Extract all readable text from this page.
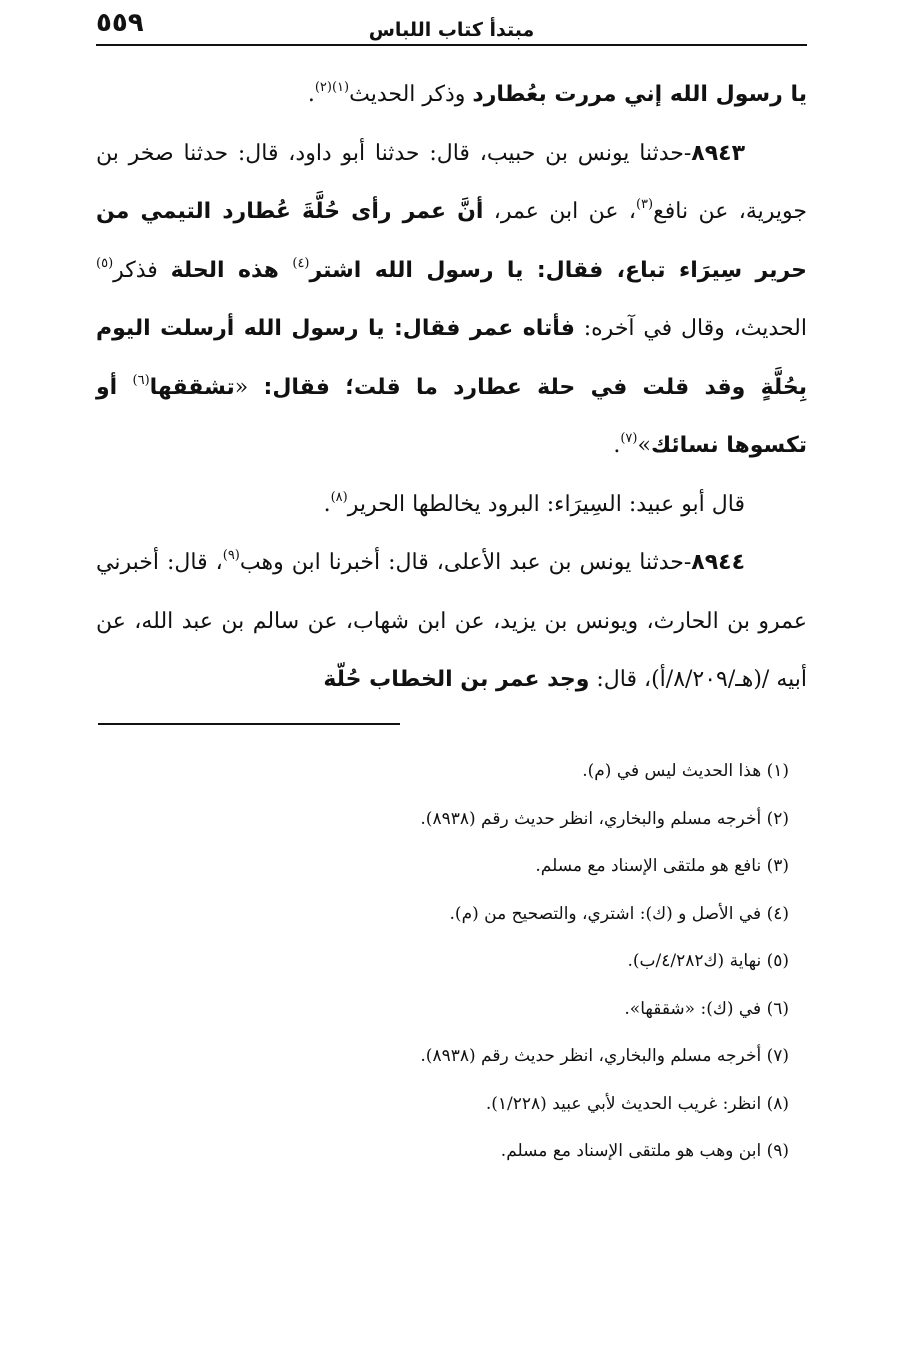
٥٥٩	مبتدأ كتاب اللباس

يا رسول الله إني مررت بعُطارد وذكر الحديث$^{(١)(٢)}$.

٨٩٤٣-حدثنا يونس بن حبيب، قال: حدثنا أبو داود، قال: حدثنا صخر بن جويرية، عن نافع$^{(٣)}$، عن ابن عمر، أنَّ عمر رأى حُلَّةَ عُطارد التيمي من حرير سِيرَاء تباع، فقال: يا رسول الله اشتر$^{(٤)}$ هذه الحلة فذكر$^{(٥)}$ الحديث، وقال في آخره: فأتاه عمر فقال: يا رسول الله أرسلت اليوم بِحُلَّةٍ وقد قلت في حلة عطارد ما قلت؛ فقال: «تشققها$^{(٦)}$ أو تكسوها نسائك»$^{(٧)}$.

قال أبو عبيد: السِيرَاء: البرود يخالطها الحرير$^{(٨)}$.

٨٩٤٤-حدثنا يونس بن عبد الأعلى، قال: أخبرنا ابن وهب$^{(٩)}$، قال: أخبرني عمرو بن الحارث، ويونس بن يزيد، عن ابن شهاب، عن سالم بن عبد الله، عن أبيه /(هـ/٨/٢٠٩/أ)، قال: وجد عمر بن الخطاب حُلّة

(١) هذا الحديث ليس في (م).

(٢) أخرجه مسلم والبخاري، انظر حديث رقم (٨٩٣٨).

(٣) نافع هو ملتقى الإسناد مع مسلم.

(٤) في الأصل و (ك): اشتري، والتصحيح من (م).

(٥) نهاية (ك٤/٢٨٢/ب).

(٦) في (ك): «شققها».

(٧) أخرجه مسلم والبخاري، انظر حديث رقم (٨٩٣٨).

(٨) انظر: غريب الحديث لأبي عبيد (١/٢٢٨).

(٩) ابن وهب هو ملتقى الإسناد مع مسلم.
